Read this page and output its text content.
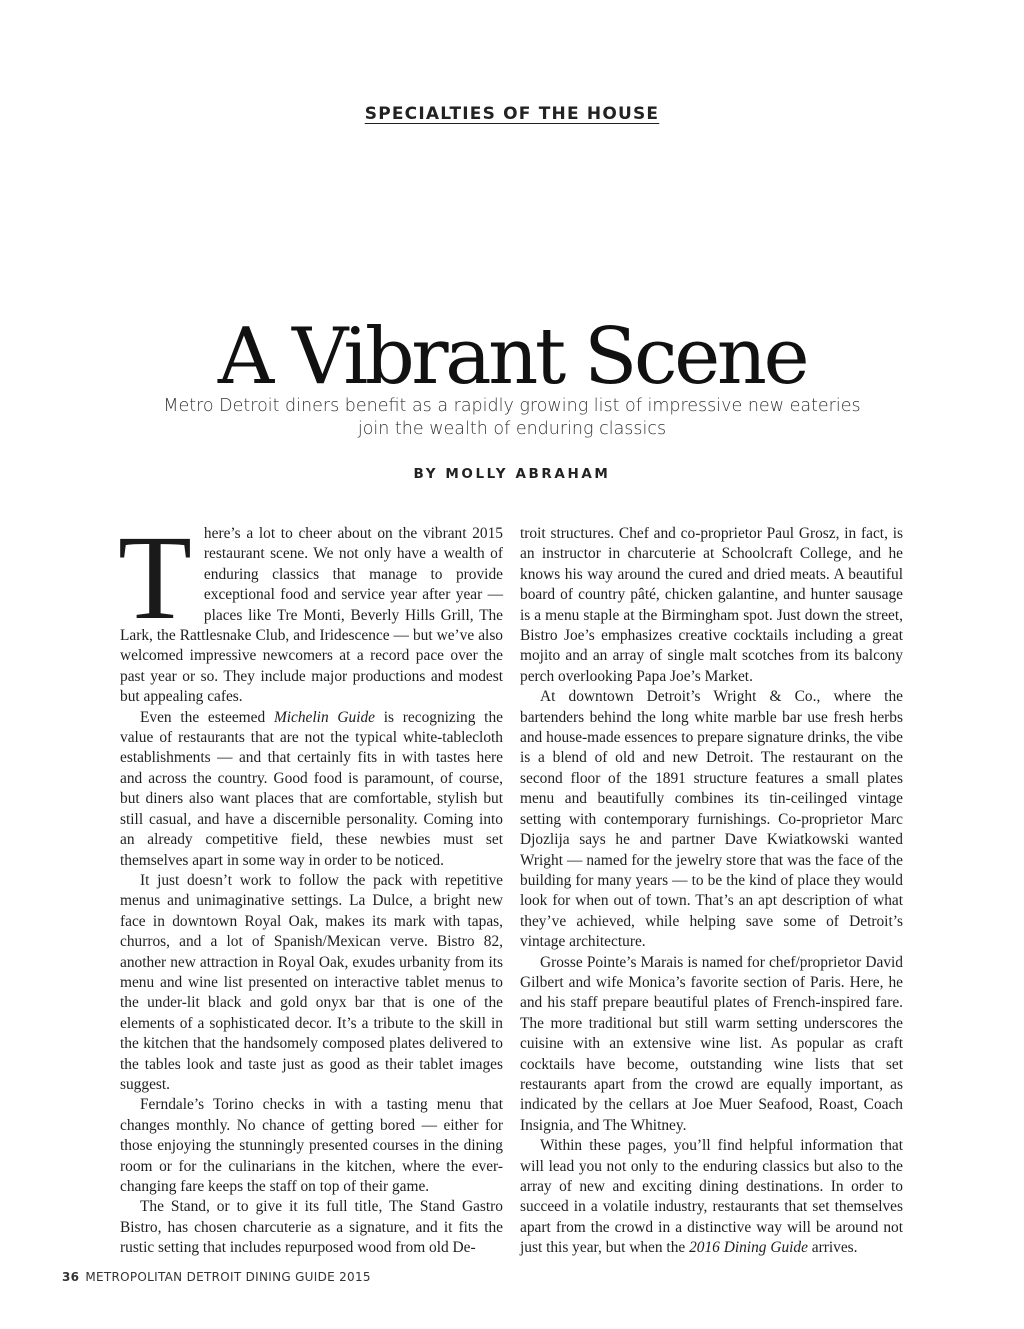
SPECIALTIES OF THE HOUSE
A Vibrant Scene

Metro Detroit diners benefit as a rapidly growing list of impressive new eateries join the wealth of enduring classics

BY MOLLY ABRAHAM

There’s a lot to cheer about on the vibrant 2015 restaurant scene. We not only have a wealth of enduring classics that manage to provide exceptional food and service year after year — places like Tre Monti, Beverly Hills Grill, The Lark, the Rattlesnake Club, and Iridescence — but we’ve also welcomed impressive newcomers at a record pace over the past year or so. They include major productions and modest but appealing cafes.

Even the esteemed Michelin Guide is recognizing the value of restaurants that are not the typical white-tablecloth establishments — and that certainly fits in with tastes here and across the country. Good food is paramount, of course, but diners also want places that are comfortable, stylish but still casual, and have a discernible personality. Coming into an already competitive field, these newbies must set themselves apart in some way in order to be noticed.

It just doesn’t work to follow the pack with repetitive menus and unimaginative settings. La Dulce, a bright new face in downtown Royal Oak, makes its mark with tapas, churros, and a lot of Spanish/Mexican verve. Bistro 82, another new attraction in Royal Oak, exudes urbanity from its menu and wine list presented on interactive tablet menus to the under-lit black and gold onyx bar that is one of the elements of a sophisticated decor. It’s a tribute to the skill in the kitchen that the handsomely composed plates delivered to the tables look and taste just as good as their tablet images suggest.

Ferndale’s Torino checks in with a tasting menu that changes monthly. No chance of getting bored — either for those enjoying the stunningly presented courses in the dining room or for the culinarians in the kitchen, where the ever-changing fare keeps the staff on top of their game.

The Stand, or to give it its full title, The Stand Gastro Bistro, has chosen charcuterie as a signature, and it fits the rustic setting that includes repurposed wood from old De-

troit structures. Chef and co-proprietor Paul Grosz, in fact, is an instructor in charcuterie at Schoolcraft College, and he knows his way around the cured and dried meats. A beautiful board of country pâté, chicken galantine, and hunter sausage is a menu staple at the Birmingham spot. Just down the street, Bistro Joe’s emphasizes creative cocktails including a great mojito and an array of single malt scotches from its balcony perch overlooking Papa Joe’s Market.

At downtown Detroit’s Wright & Co., where the bartenders behind the long white marble bar use fresh herbs and house-made essences to prepare signature drinks, the vibe is a blend of old and new Detroit. The restaurant on the second floor of the 1891 structure features a small plates menu and beautifully combines its tin-ceilinged vintage setting with contemporary furnishings. Co-proprietor Marc Djozlija says he and partner Dave Kwiatkowski wanted Wright — named for the jewelry store that was the face of the building for many years — to be the kind of place they would look for when out of town. That’s an apt description of what they’ve achieved, while helping save some of Detroit’s vintage architecture.

Grosse Pointe’s Marais is named for chef/proprietor David Gilbert and wife Monica’s favorite section of Paris. Here, he and his staff prepare beautiful plates of French-inspired fare. The more traditional but still warm setting underscores the cuisine with an extensive wine list. As popular as craft cocktails have become, outstanding wine lists that set restaurants apart from the crowd are equally important, as indicated by the cellars at Joe Muer Seafood, Roast, Coach Insignia, and The Whitney.

Within these pages, you’ll find helpful information that will lead you not only to the enduring classics but also to the array of new and exciting dining destinations. In order to succeed in a volatile industry, restaurants that set themselves apart from the crowd in a distinctive way will be around not just this year, but when the 2016 Dining Guide arrives.

36 METROPOLITAN DETROIT DINING GUIDE 2015
